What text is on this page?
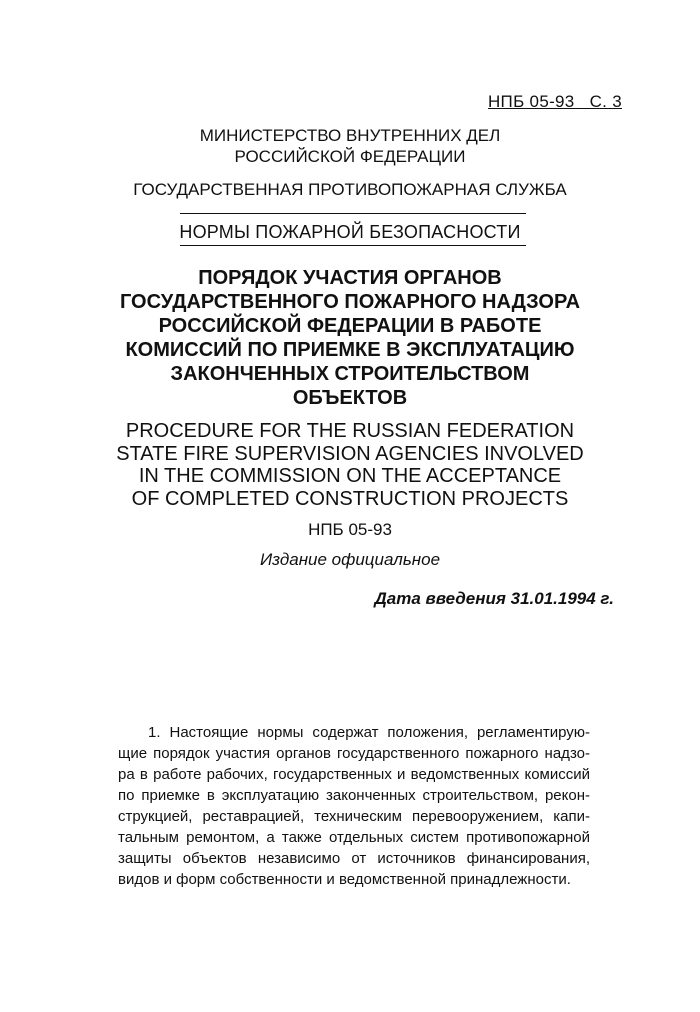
НПБ 05-93   С. 3
МИНИСТЕРСТВО ВНУТРЕННИХ ДЕЛ
РОССИЙСКОЙ ФЕДЕРАЦИИ
ГОСУДАРСТВЕННАЯ ПРОТИВОПОЖАРНАЯ СЛУЖБА
НОРМЫ ПОЖАРНОЙ БЕЗОПАСНОСТИ
ПОРЯДОК УЧАСТИЯ ОРГАНОВ
ГОСУДАРСТВЕННОГО ПОЖАРНОГО НАДЗОРА
РОССИЙСКОЙ ФЕДЕРАЦИИ В РАБОТЕ
КОМИССИЙ ПО ПРИЕМКЕ В ЭКСПЛУАТАЦИЮ
ЗАКОНЧЕННЫХ СТРОИТЕЛЬСТВОМ
ОБЪЕКТОВ
PROCEDURE FOR THE RUSSIAN FEDERATION
STATE FIRE SUPERVISION AGENCIES INVOLVED
IN THE COMMISSION ON THE ACCEPTANCE
OF COMPLETED CONSTRUCTION PROJECTS
НПБ 05-93
Издание официальное
Дата введения 31.01.1994 г.
1. Настоящие нормы содержат положения, регламентирую-
щие порядок участия органов государственного пожарного надзо-
ра в работе рабочих, государственных и ведомственных комиссий
по приемке в эксплуатацию законченных строительством, рекон-
струкцией, реставрацией, техническим перевооружением, капи-
тальным ремонтом, а также отдельных систем противопожарной
защиты объектов независимо от источников финансирования,
видов и форм собственности и ведомственной принадлежности.
